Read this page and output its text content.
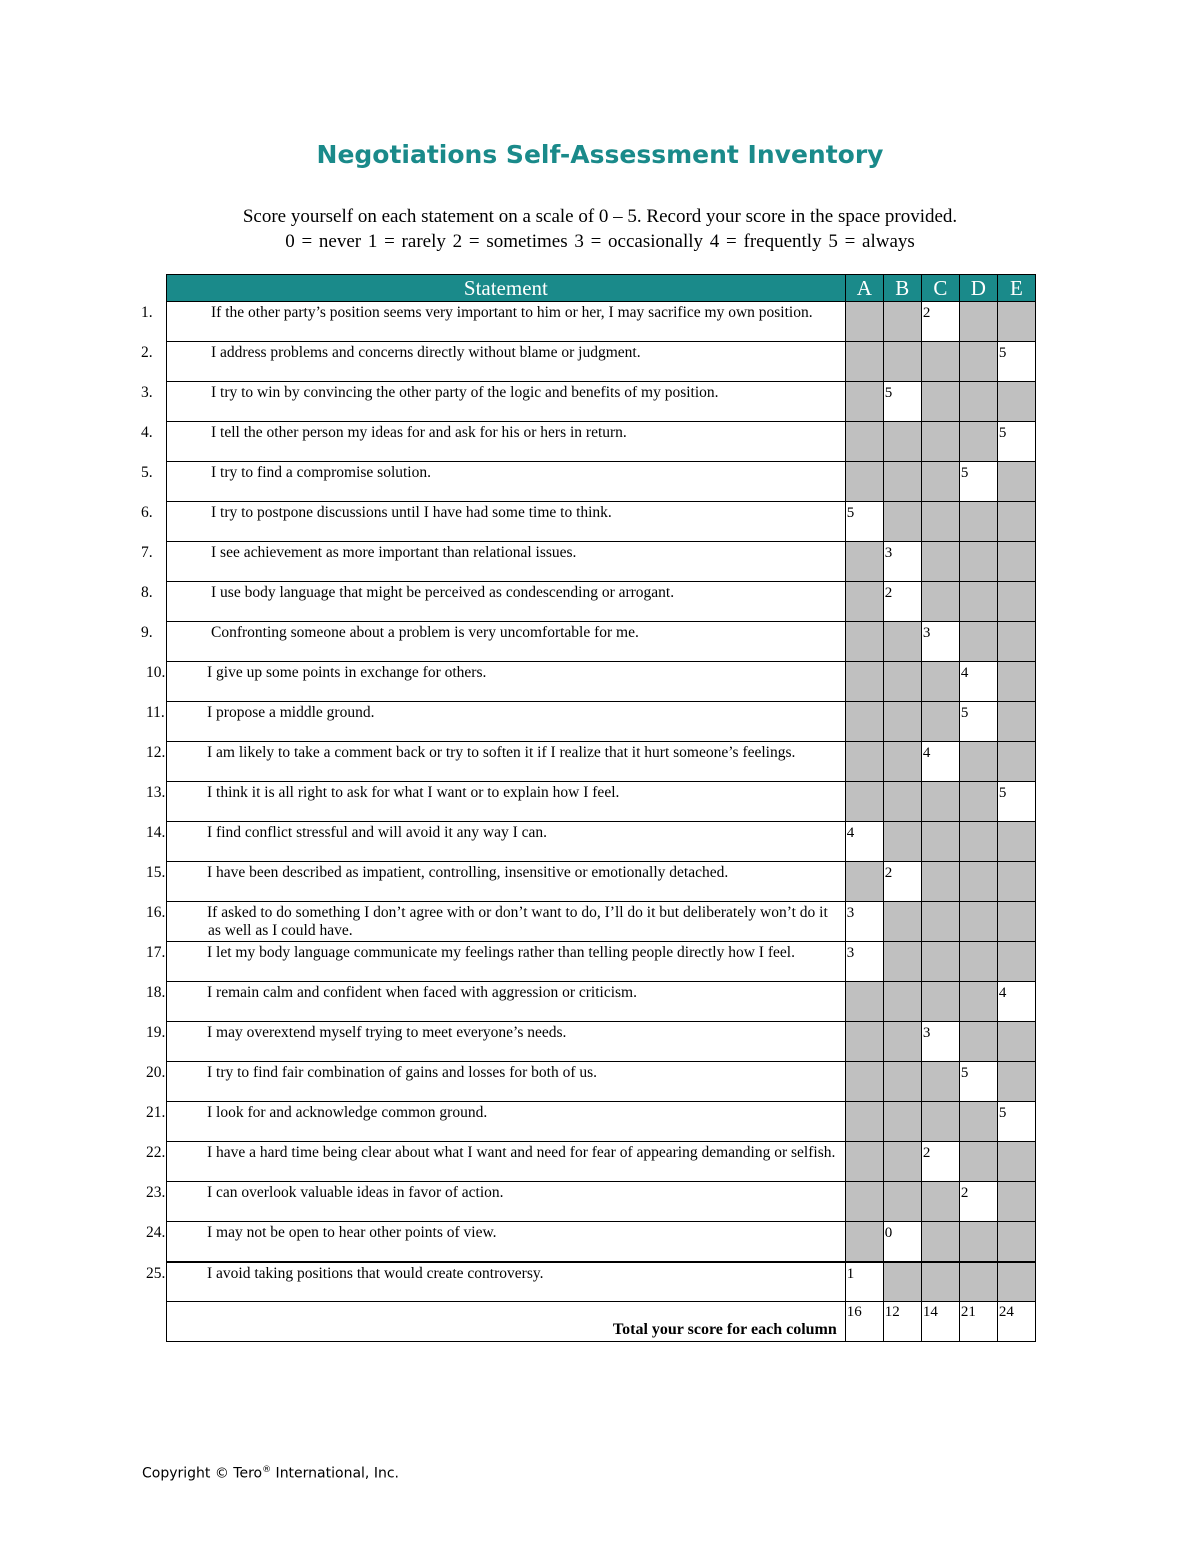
Negotiations Self-Assessment Inventory
Score yourself on each statement on a scale of 0 – 5. Record your score in the space provided.
0 = never 1 = rarely 2 = sometimes 3 = occasionally 4 = frequently 5 = always
Statement	A	B	C	D	E

1. If the other party’s position seems very important to him or her, I may sacrifice my own position.			2		

2. I address problems and concerns directly without blame or judgment.					5

3. I try to win by convincing the other party of the logic and benefits of my position.		5			

4. I tell the other person my ideas for and ask for his or hers in return.					5

5. I try to find a compromise solution.				5	

6. I try to postpone discussions until I have had some time to think.	5				

7. I see achievement as more important than relational issues.		3			

8. I use body language that might be perceived as condescending or arrogant.		2			

9. Confronting someone about a problem is very uncomfortable for me.			3		

10. I give up some points in exchange for others.				4	

11. I propose a middle ground.				5	

12. I am likely to take a comment back or try to soften it if I realize that it hurt someone’s feelings.			4		

13. I think it is all right to ask for what I want or to explain how I feel.					5

14. I find conflict stressful and will avoid it any way I can.	4				

15. I have been described as impatient, controlling, insensitive or emotionally detached.		2			

16. If asked to do something I don’t agree with or don’t want to do, I’ll do it but deliberately won’t do it as well as I could have.	3				

17. I let my body language communicate my feelings rather than telling people directly how I feel.	3				

18. I remain calm and confident when faced with aggression or criticism.					4

19. I may overextend myself trying to meet everyone’s needs.			3		

20. I try to find fair combination of gains and losses for both of us.				5	

21. I look for and acknowledge common ground.					5

22. I have a hard time being clear about what I want and need for fear of appearing demanding or selfish.			2		

23. I can overlook valuable ideas in favor of action.				2	

24. I may not be open to hear other points of view.		0			

25. I avoid taking positions that would create controversy.	1				
Total your score for each column	16	12	14	21	24
Copyright © Tero® International, Inc.
